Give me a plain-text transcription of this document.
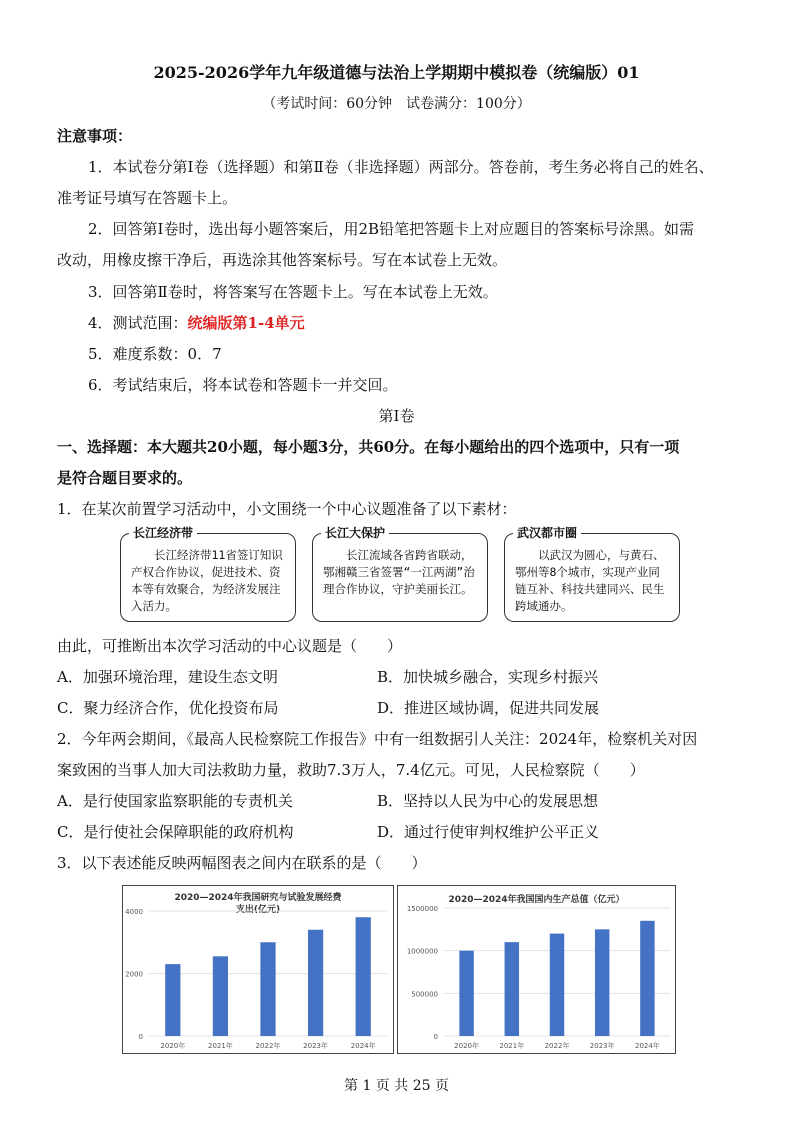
2025-2026学年九年级道德与法治上学期期中模拟卷（统编版）01
（考试时间：60分钟　试卷满分：100分）
注意事项：
1．本试卷分第Ⅰ卷（选择题）和第Ⅱ卷（非选择题）两部分。答卷前，考生务必将自己的姓名、
准考证号填写在答题卡上。
2．回答第Ⅰ卷时，选出每小题答案后，用2B铅笔把答题卡上对应题目的答案标号涂黑。如需
改动，用橡皮擦干净后，再选涂其他答案标号。写在本试卷上无效。
3．回答第Ⅱ卷时，将答案写在答题卡上。写在本试卷上无效。
4．测试范围：统编版第1-4单元
5．难度系数：0．7
6．考试结束后，将本试卷和答题卡一并交回。
第Ⅰ卷
一、选择题：本大题共20小题，每小题3分，共60分。在每小题给出的四个选项中，只有一项
是符合题目要求的。
1．在某次前置学习活动中，小文围绕一个中心议题准备了以下素材：
长江经济带
长江经济带11省签订知识产权合作协议，促进技术、资本等有效聚合，为经济发展注入活力。
长江大保护
长江流域各省跨省联动，鄂湘赣三省签署“一江两湖”治理合作协议，守护美丽长江。
武汉都市圈
以武汉为圆心，与黄石、鄂州等8个城市，实现产业同链互补、科技共建同兴、民生跨域通办。
由此，可推断出本次学习活动的中心议题是（　　）
A．加强环境治理，建设生态文明	B．加快城乡融合，实现乡村振兴
C．聚力经济合作，优化投资布局	D．推进区域协调，促进共同发展
2．今年两会期间，《最高人民检察院工作报告》中有一组数据引人关注：2024年，检察机关对因
案致困的当事人加大司法救助力量，救助7.3万人，7.4亿元。可见，人民检察院（　　）
A．是行使国家监察职能的专责机关	B．坚持以人民为中心的发展思想
C．是行使社会保障职能的政府机构	D．通过行使审判权维护公平正义
3．以下表述能反映两幅图表之间内在联系的是（　　）
2020—2024年我国研究与试验发展经费
支出(亿元)
0
2000
4000
2020年	2021年	2022年	2023年	2024年
2020—2024年我国国内生产总值（亿元）
0
500000
1000000
1500000
2020年	2021年	2022年	2023年	2024年
第 1 页 共 25 页
